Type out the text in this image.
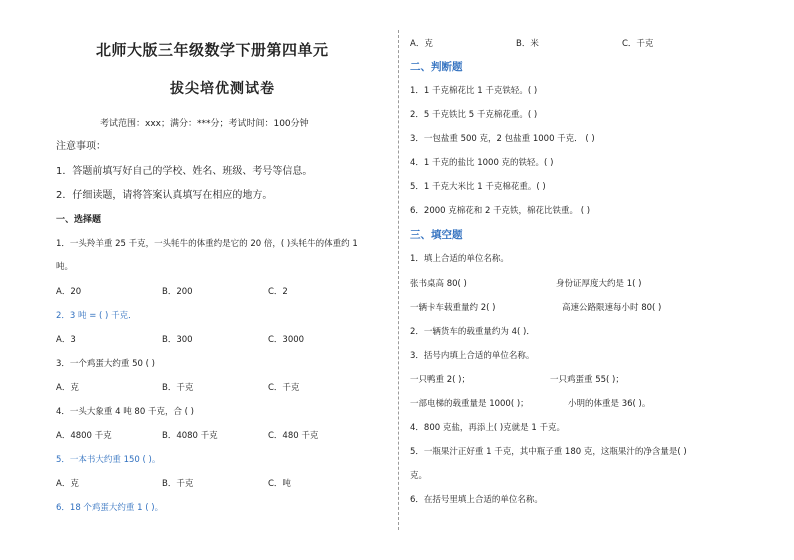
北师大版三年级数学下册第四单元
拔尖培优测试卷
考试范围：xxx；满分：***分；考试时间：100分钟
注意事项：
1．答题前填写好自己的学校、姓名、班级、考号等信息。
2．仔细读题，请将答案认真填写在相应的地方。
一、选择题
1．一头羚羊重 25 千克，一头牦牛的体重约是它的 20 倍，( )头牦牛的体重约 1
吨。
A．20	B．200	C．2
2．3 吨 = ( ) 千克．
A．3	B．300	C．3000
3．一个鸡蛋大约重 50 ( )
A．克	B．千克	C．千克
4．一头大象重 4 吨 80 千克，合 ( )
A．4800 千克	B．4080 千克	C．480 千克
5．一本书大约重 150 ( )。
A．克	B．千克	C．吨
6．18 个鸡蛋大约重 1 ( )。
A．克	B．米	C．千克
二、判断题
1．1 千克棉花比 1 千克铁轻。( )
2．5 千克铁比 5 千克棉花重。( )
3．一包盐重 500 克，2 包盐重 1000 千克． ( )
4．1 千克的盐比 1000 克的铁轻。( )
5．1 千克大米比 1 千克棉花重。( )
6．2000 克棉花和 2 千克铁，棉花比铁重。 ( )
三、填空题
1．填上合适的单位名称。
张书桌高 80( )	身份证厚度大约是 1( )
一辆卡车载重量约 2( )	高速公路限速每小时 80( )
2．一辆货车的载重量约为 4( )．
3．括号内填上合适的单位名称。
一只鸭重 2( )；	一只鸡蛋重 55( )；
一部电梯的载重量是 1000( )；	小明的体重是 36( )。
4．800 克盐，再添上( )克就是 1 千克。
5．一瓶果汁正好重 1 千克，其中瓶子重 180 克，这瓶果汁的净含量是( )
克。
6．在括号里填上合适的单位名称。
